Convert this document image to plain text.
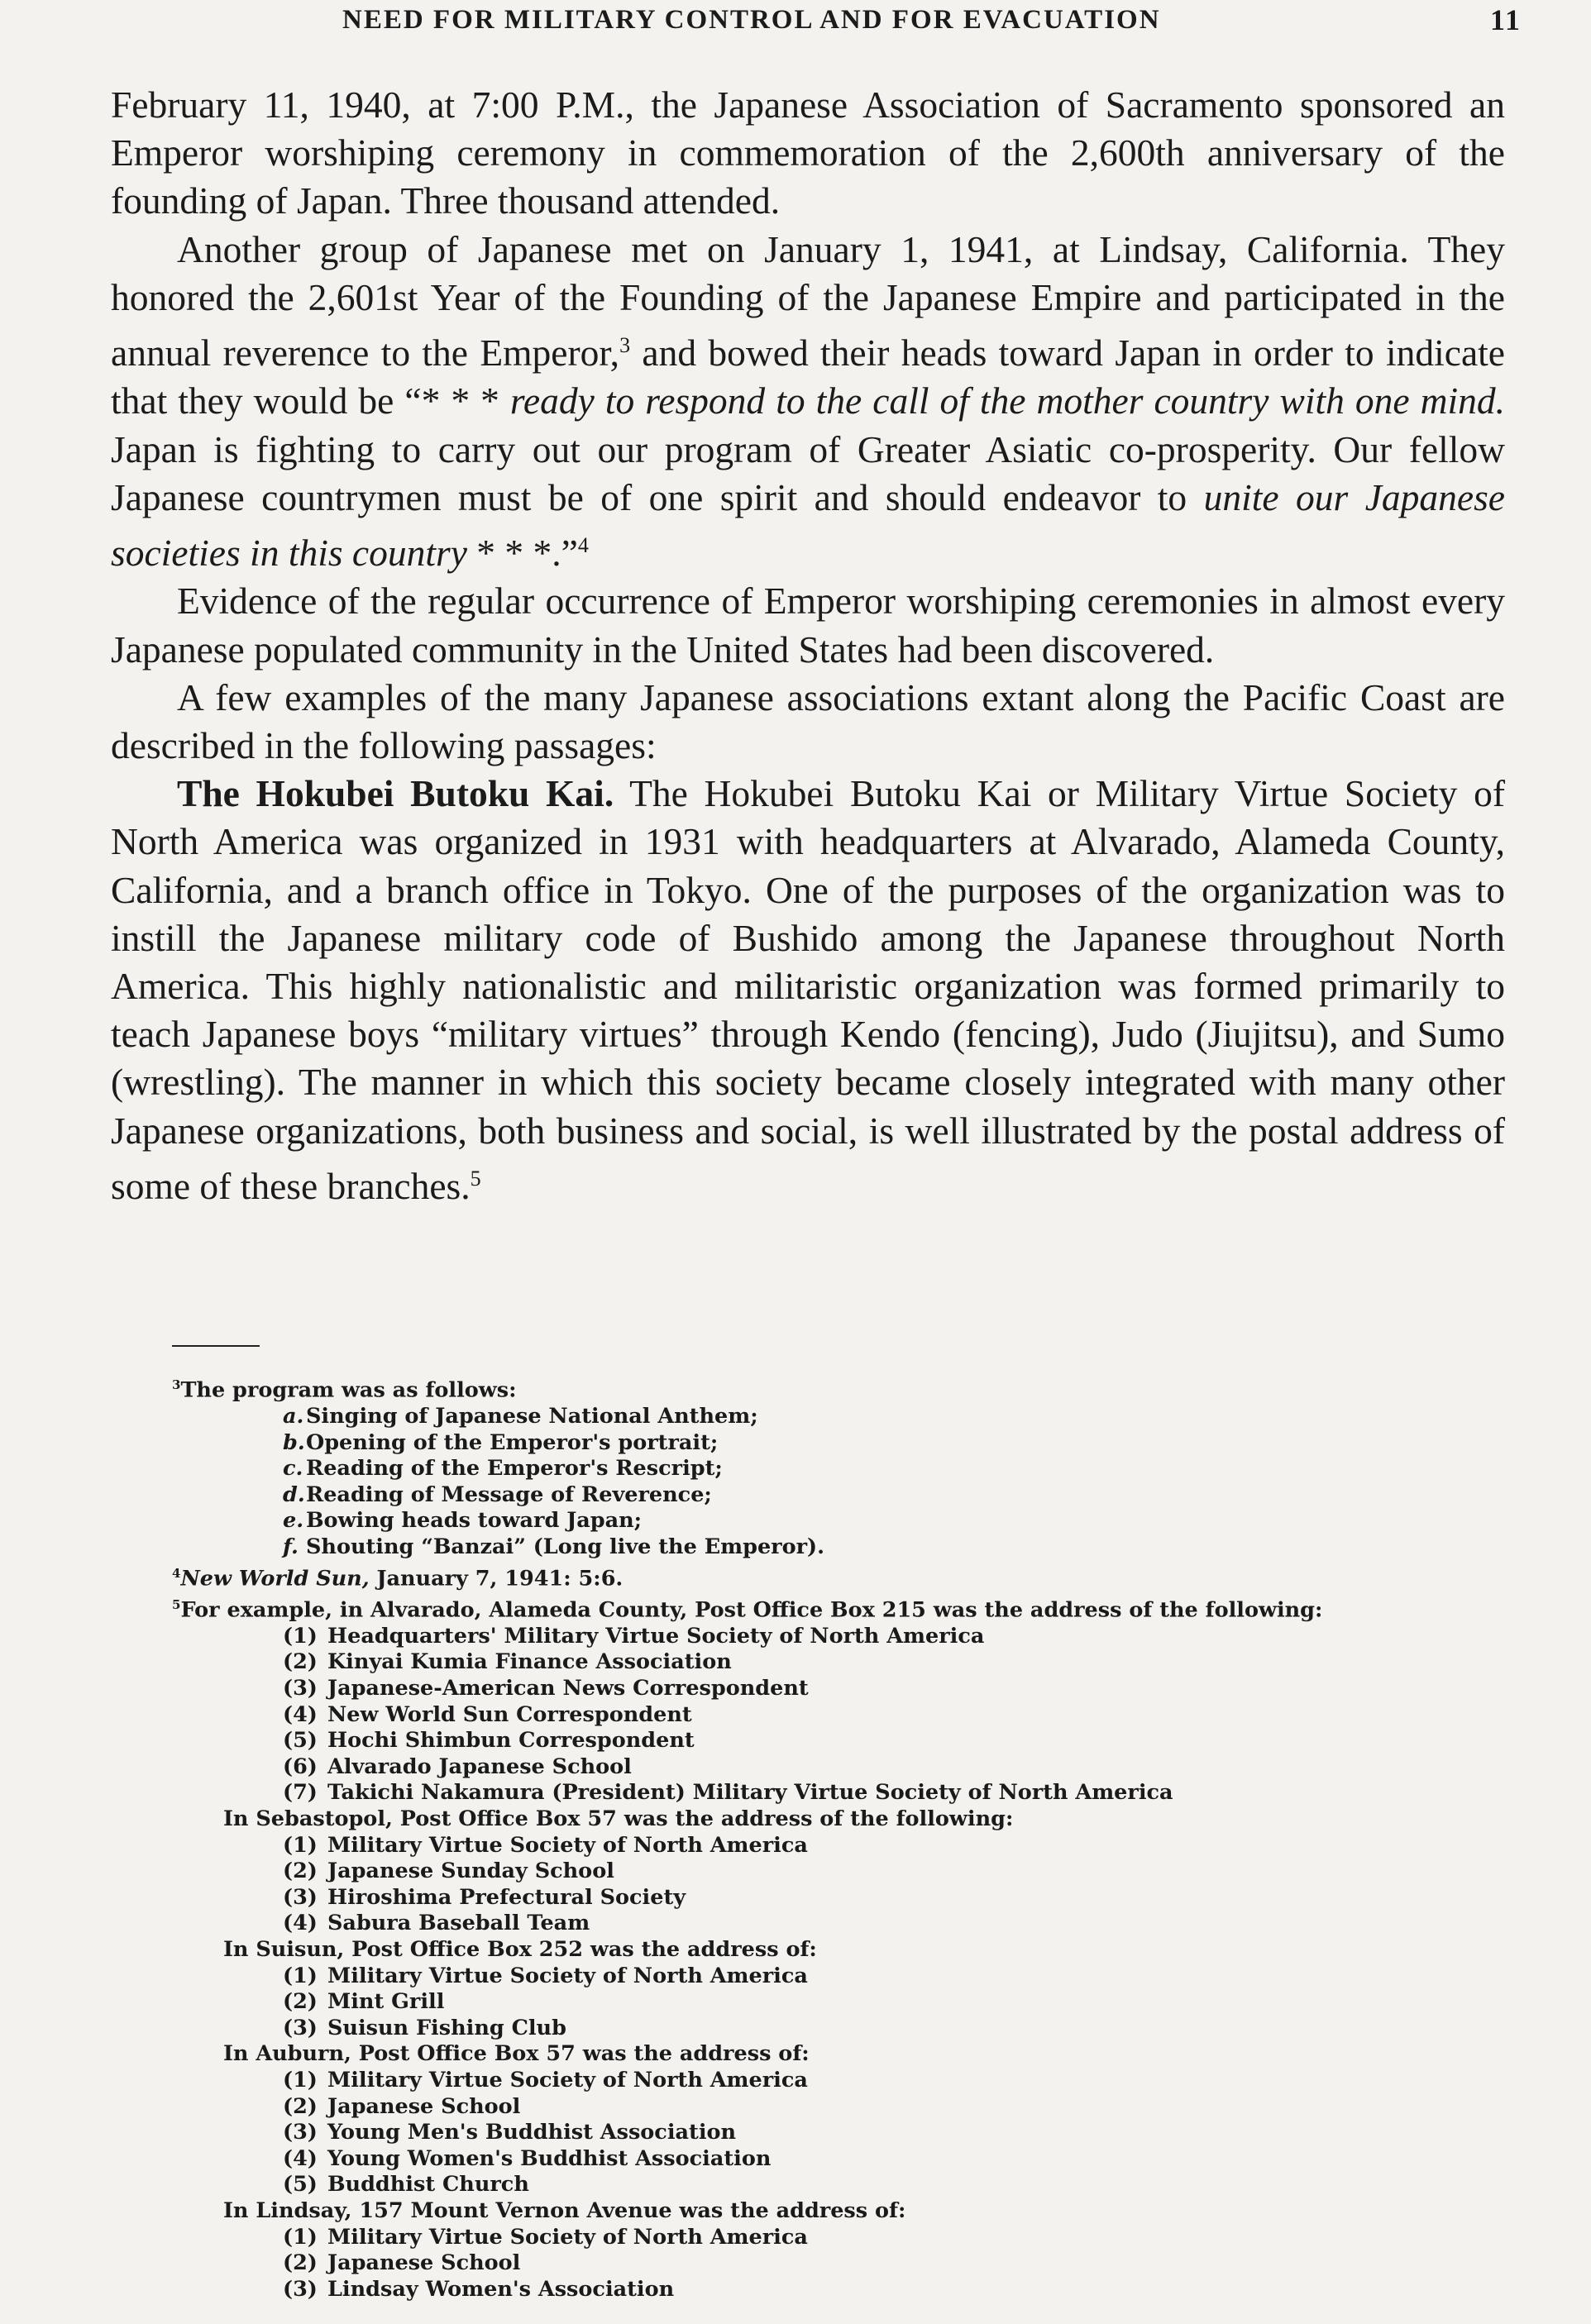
NEED FOR MILITARY CONTROL AND FOR EVACUATION	11

February 11, 1940, at 7:00 P.M., the Japanese Association of Sacramento sponsored an Emperor worshiping ceremony in commemoration of the 2,600th anniversary of the founding of Japan. Three thousand attended.

Another group of Japanese met on January 1, 1941, at Lindsay, California. They honored the 2,601st Year of the Founding of the Japanese Empire and participated in the annual reverence to the Emperor,$^3$ and bowed their heads toward Japan in order to indicate that they would be “* * * ready to respond to the call of the mother country with one mind. Japan is fighting to carry out our program of Greater Asiatic co-prosperity. Our fellow Japanese countrymen must be of one spirit and should endeavor to unite our Japanese societies in this country * * *.”$^4$

Evidence of the regular occurrence of Emperor worshiping ceremonies in almost every Japanese populated community in the United States had been discovered.

A few examples of the many Japanese associations extant along the Pacific Coast are described in the following passages:

The Hokubei Butoku Kai. The Hokubei Butoku Kai or Military Virtue Society of North America was organized in 1931 with headquarters at Alvarado, Alameda County, California, and a branch office in Tokyo. One of the purposes of the organization was to instill the Japanese military code of Bushido among the Japanese throughout North America. This highly nationalistic and militaristic organization was formed primarily to teach Japanese boys “military virtues” through Kendo (fencing), Judo (Jiujitsu), and Sumo (wrestling). The manner in which this society became closely integrated with many other Japanese organizations, both business and social, is well illustrated by the postal address of some of these branches.$^5$

$^3$The program was as follows:
a. Singing of Japanese National Anthem;
b.Opening of the Emperor's portrait;
c. Reading of the Emperor's Rescript;
d.Reading of Message of Reverence;
e. Bowing heads toward Japan;
f. Shouting “Banzai” (Long live the Emperor).
$^4$New World Sun, January 7, 1941: 5:6.
$^5$For example, in Alvarado, Alameda County, Post Office Box 215 was the address of the following:
(1) Headquarters' Military Virtue Society of North America
(2) Kinyai Kumia Finance Association
(3) Japanese-American News Correspondent
(4) New World Sun Correspondent
(5) Hochi Shimbun Correspondent
(6) Alvarado Japanese School
(7) Takichi Nakamura (President) Military Virtue Society of North America
In Sebastopol, Post Office Box 57 was the address of the following:
(1) Military Virtue Society of North America
(2) Japanese Sunday School
(3) Hiroshima Prefectural Society
(4) Sabura Baseball Team
In Suisun, Post Office Box 252 was the address of:
(1) Military Virtue Society of North America
(2) Mint Grill
(3) Suisun Fishing Club
In Auburn, Post Office Box 57 was the address of:
(1) Military Virtue Society of North America
(2) Japanese School
(3) Young Men's Buddhist Association
(4) Young Women's Buddhist Association
(5) Buddhist Church
In Lindsay, 157 Mount Vernon Avenue was the address of:
(1) Military Virtue Society of North America
(2) Japanese School
(3) Lindsay Women's Association
